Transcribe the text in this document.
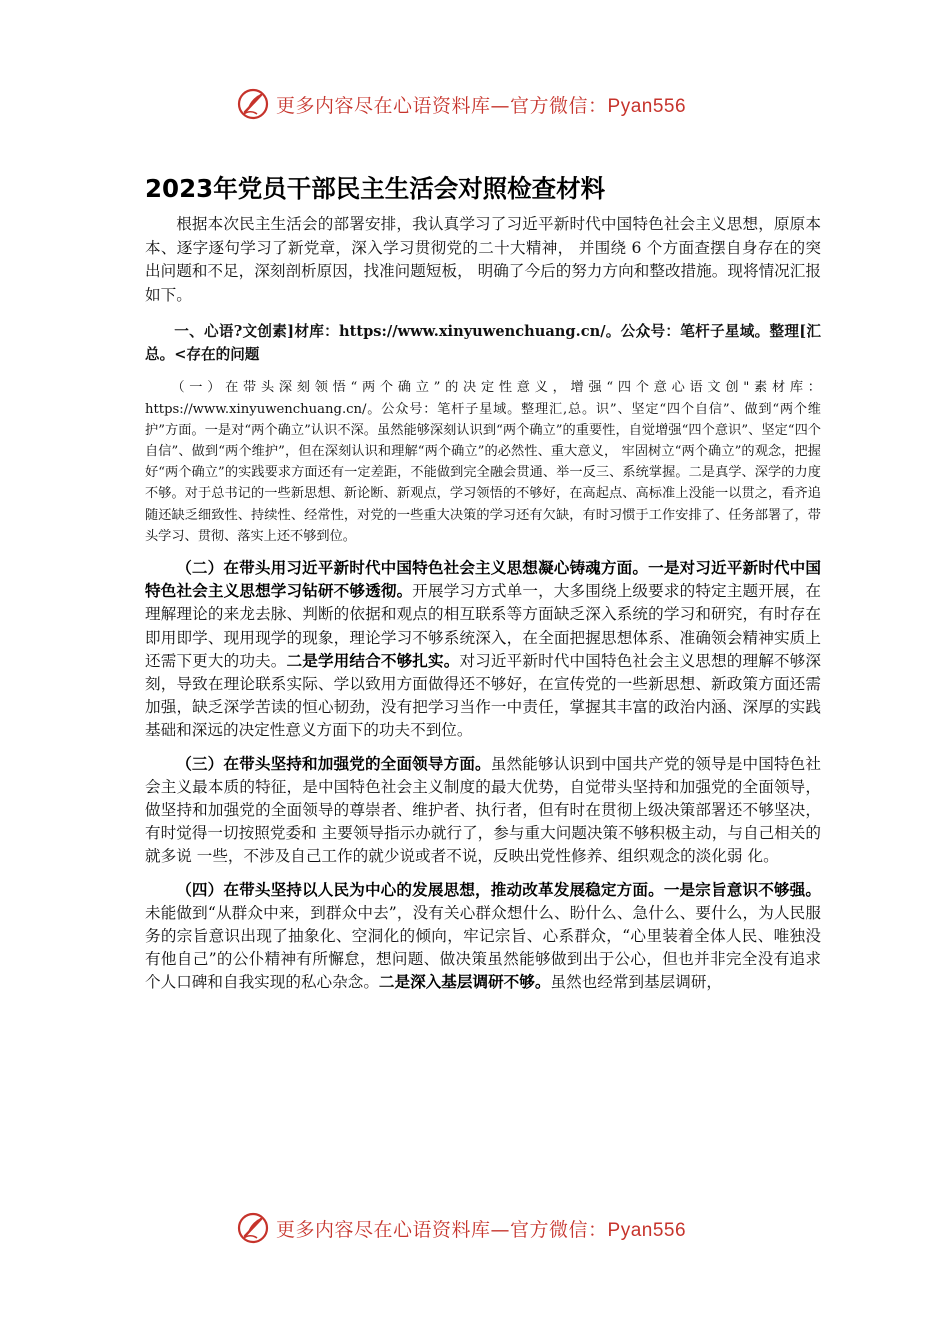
更多内容尽在心语资料库—官方微信：Pyan556
2023年党员干部民主生活会对照检查材料

根据本次民主生活会的部署安排，我认真学习了习近平新时代中国特色社会主义思想，原原本本、逐字逐句学习了新党章，深入学习贯彻党的二十大精神， 并围绕 6 个方面查摆自身存在的突出问题和不足，深刻剖析原因，找准问题短板， 明确了今后的努力方向和整改措施。现将情况汇报如下。

一、心语?文创素]材库：https://www.xinyuwenchuang.cn/。公众号：笔杆子星域。整理[汇总。<存在的问题

（一）在带头深刻领悟“两个确立”的决定性意义，增强“四个意心语文创"素材库：https://www.xinyuwenchuang.cn/。公众号：笔杆子星域。整理汇,总。识”、坚定“四个自信”、做到“两个维护”方面。一是对“两个确立”认识不深。虽然能够深刻认识到“两个确立”的重要性，自觉增强“四个意识”、坚定“四个自信”、做到“两个维护”，但在深刻认识和理解“两个确立”的必然性、重大意义， 牢固树立“两个确立”的观念，把握好“两个确立”的实践要求方面还有一定差距，不能做到完全融会贯通、举一反三、系统掌握。二是真学、深学的力度不够。对于总书记的一些新思想、新论断、新观点，学习领悟的不够好，在高起点、高标准上没能一以贯之，看齐追随还缺乏细致性、持续性、经常性，对党的一些重大决策的学习还有欠缺，有时习惯于工作安排了、任务部署了，带头学习、贯彻、落实上还不够到位。

（二）在带头用习近平新时代中国特色社会主义思想凝心铸魂方面。一是对习近平新时代中国特色社会主义思想学习钻研不够透彻。开展学习方式单一，大多围绕上级要求的特定主题开展，在理解理论的来龙去脉、判断的依据和观点的相互联系等方面缺乏深入系统的学习和研究，有时存在即用即学、现用现学的现象，理论学习不够系统深入，在全面把握思想体系、准确领会精神实质上还需下更大的功夫。二是学用结合不够扎实。对习近平新时代中国特色社会主义思想的理解不够深刻，导致在理论联系实际、学以致用方面做得还不够好，在宣传党的一些新思想、新政策方面还需加强，缺乏深学苦读的恒心韧劲，没有把学习当作一中责任，掌握其丰富的政治内涵、深厚的实践基础和深远的决定性意义方面下的功夫不到位。

（三）在带头坚持和加强党的全面领导方面。虽然能够认识到中国共产党的领导是中国特色社会主义最本质的特征，是中国特色社会主义制度的最大优势，自觉带头坚持和加强党的全面领导，做坚持和加强党的全面领导的尊崇者、维护者、执行者，但有时在贯彻上级决策部署还不够坚决，有时觉得一切按照党委和 主要领导指示办就行了，参与重大问题决策不够积极主动，与自己相关的就多说 一些，不涉及自己工作的就少说或者不说，反映出党性修养、组织观念的淡化弱 化。

（四）在带头坚持以人民为中心的发展思想，推动改革发展稳定方面。一是宗旨意识不够强。未能做到“从群众中来，到群众中去”，没有关心群众想什么、盼什么、急什么、要什么，为人民服务的宗旨意识出现了抽象化、空洞化的倾向，牢记宗旨、心系群众，“心里装着全体人民、唯独没有他自己”的公仆精神有所懈怠，想问题、做决策虽然能够做到出于公心，但也并非完全没有追求个人口碑和自我实现的私心杂念。二是深入基层调研不够。虽然也经常到基层调研，

更多内容尽在心语资料库—官方微信：Pyan556
